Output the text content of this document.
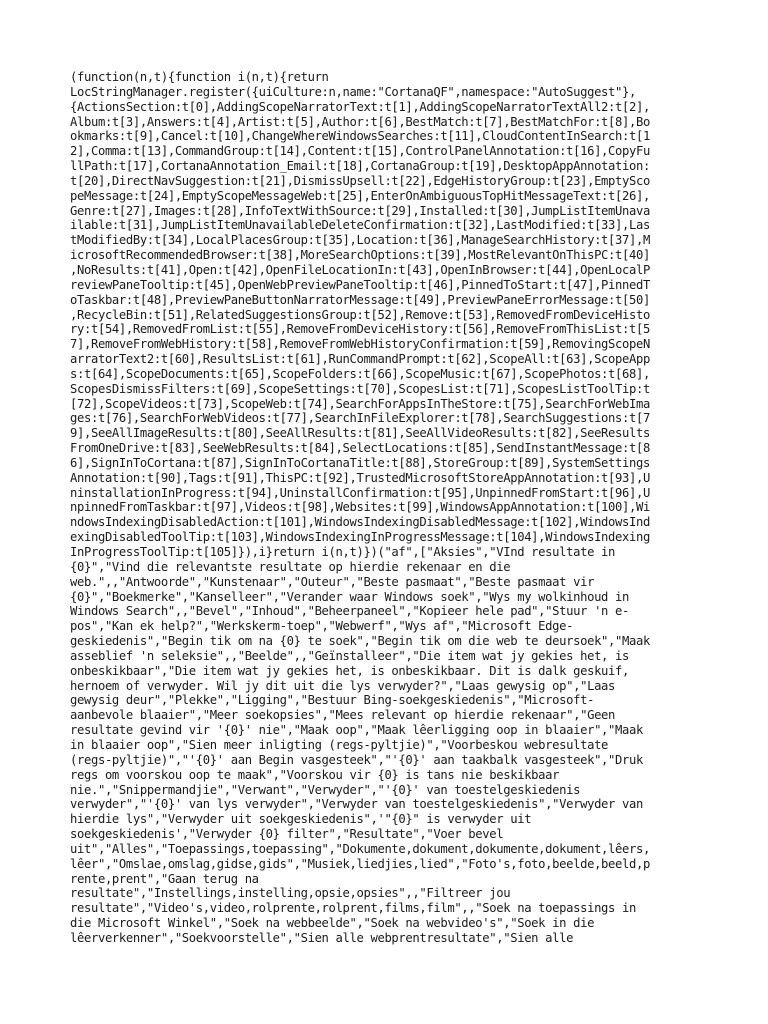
(function(n,t){function i(n,t){return
LocStringManager.register({uiCulture:n,name:"CortanaQF",namespace:"AutoSuggest"},
{ActionsSection:t[0],AddingScopeNarratorText:t[1],AddingScopeNarratorTextAll2:t[2],
Album:t[3],Answers:t[4],Artist:t[5],Author:t[6],BestMatch:t[7],BestMatchFor:t[8],Bo
okmarks:t[9],Cancel:t[10],ChangeWhereWindowsSearches:t[11],CloudContentInSearch:t[1
2],Comma:t[13],CommandGroup:t[14],Content:t[15],ControlPanelAnnotation:t[16],CopyFu
llPath:t[17],CortanaAnnotation_Email:t[18],CortanaGroup:t[19],DesktopAppAnnotation:
t[20],DirectNavSuggestion:t[21],DismissUpsell:t[22],EdgeHistoryGroup:t[23],EmptySco
peMessage:t[24],EmptyScopeMessageWeb:t[25],EnterOnAmbiguousTopHitMessageText:t[26],
Genre:t[27],Images:t[28],InfoTextWithSource:t[29],Installed:t[30],JumpListItemUnava
ilable:t[31],JumpListItemUnavailableDeleteConfirmation:t[32],LastModified:t[33],Las
tModifiedBy:t[34],LocalPlacesGroup:t[35],Location:t[36],ManageSearchHistory:t[37],M
icrosoftRecommendedBrowser:t[38],MoreSearchOptions:t[39],MostRelevantOnThisPC:t[40]
,NoResults:t[41],Open:t[42],OpenFileLocationIn:t[43],OpenInBrowser:t[44],OpenLocalP
reviewPaneTooltip:t[45],OpenWebPreviewPaneTooltip:t[46],PinnedToStart:t[47],PinnedT
oTaskbar:t[48],PreviewPaneButtonNarratorMessage:t[49],PreviewPaneErrorMessage:t[50]
,RecycleBin:t[51],RelatedSuggestionsGroup:t[52],Remove:t[53],RemovedFromDeviceHisto
ry:t[54],RemovedFromList:t[55],RemoveFromDeviceHistory:t[56],RemoveFromThisList:t[5
7],RemoveFromWebHistory:t[58],RemoveFromWebHistoryConfirmation:t[59],RemovingScopeN
arratorText2:t[60],ResultsList:t[61],RunCommandPrompt:t[62],ScopeAll:t[63],ScopeApp
s:t[64],ScopeDocuments:t[65],ScopeFolders:t[66],ScopeMusic:t[67],ScopePhotos:t[68],
ScopesDismissFilters:t[69],ScopeSettings:t[70],ScopesList:t[71],ScopesListToolTip:t
[72],ScopeVideos:t[73],ScopeWeb:t[74],SearchForAppsInTheStore:t[75],SearchForWebIma
ges:t[76],SearchForWebVideos:t[77],SearchInFileExplorer:t[78],SearchSuggestions:t[7
9],SeeAllImageResults:t[80],SeeAllResults:t[81],SeeAllVideoResults:t[82],SeeResults
FromOneDrive:t[83],SeeWebResults:t[84],SelectLocations:t[85],SendInstantMessage:t[8
6],SignInToCortana:t[87],SignInToCortanaTitle:t[88],StoreGroup:t[89],SystemSettings
Annotation:t[90],Tags:t[91],ThisPC:t[92],TrustedMicrosoftStoreAppAnnotation:t[93],U
ninstallationInProgress:t[94],UninstallConfirmation:t[95],UnpinnedFromStart:t[96],U
npinnedFromTaskbar:t[97],Videos:t[98],Websites:t[99],WindowsAppAnnotation:t[100],Wi
ndowsIndexingDisabledAction:t[101],WindowsIndexingDisabledMessage:t[102],WindowsInd
exingDisabledToolTip:t[103],WindowsIndexingInProgressMessage:t[104],WindowsIndexing
InProgressToolTip:t[105]}),i}return i(n,t)})("af",["Aksies","VInd resultate in
{0}","Vind die relevantste resultate op hierdie rekenaar en die
web.",,"Antwoorde","Kunstenaar","Outeur","Beste pasmaat","Beste pasmaat vir
{0}","Boekmerke","Kanselleer","Verander waar Windows soek","Wys my wolkinhoud in
Windows Search",,"Bevel","Inhoud","Beheerpaneel","Kopieer hele pad","Stuur 'n e-
pos","Kan ek help?","Werkskerm-toep","Webwerf","Wys af","Microsoft Edge-
geskiedenis","Begin tik om na {0} te soek","Begin tik om die web te deursoek","Maak
asseblief 'n seleksie",,"Beelde",,"Geïnstalleer","Die item wat jy gekies het, is
onbeskikbaar","Die item wat jy gekies het, is onbeskikbaar. Dit is dalk geskuif,
hernoem of verwyder. Wil jy dit uit die lys verwyder?","Laas gewysig op","Laas
gewysig deur","Plekke","Ligging","Bestuur Bing-soekgeskiedenis","Microsoft-
aanbevole blaaier","Meer soekopsies","Mees relevant op hierdie rekenaar","Geen
resultate gevind vir '{0}' nie","Maak oop","Maak lêerligging oop in blaaier","Maak
in blaaier oop","Sien meer inligting (regs-pyltjie)","Voorbeskou webresultate
(regs-pyltjie)","'{0}' aan Begin vasgesteek","'{0}' aan taakbalk vasgesteek","Druk
regs om voorskou oop te maak","Voorskou vir {0} is tans nie beskikbaar
nie.","Snippermandjie","Verwant","Verwyder","'{0}' van toestelgeskiedenis
verwyder","'{0}' van lys verwyder","Verwyder van toestelgeskiedenis","Verwyder van
hierdie lys","Verwyder uit soekgeskiedenis",'"{0}" is verwyder uit
soekgeskiedenis',"Verwyder {0} filter","Resultate","Voer bevel
uit","Alles","Toepassings,toepassing","Dokumente,dokument,dokumente,dokument,lêers,
lêer","Omslae,omslag,gidse,gids","Musiek,liedjies,lied","Foto's,foto,beelde,beeld,p
rente,prent","Gaan terug na
resultate","Instellings,instelling,opsie,opsies",,"Filtreer jou
resultate","Video's,video,rolprente,rolprent,films,film",,"Soek na toepassings in
die Microsoft Winkel","Soek na webbeelde","Soek na webvideo's","Soek in die
lêerverkenner","Soekvoorstelle","Sien alle webprentresultate","Sien alle
